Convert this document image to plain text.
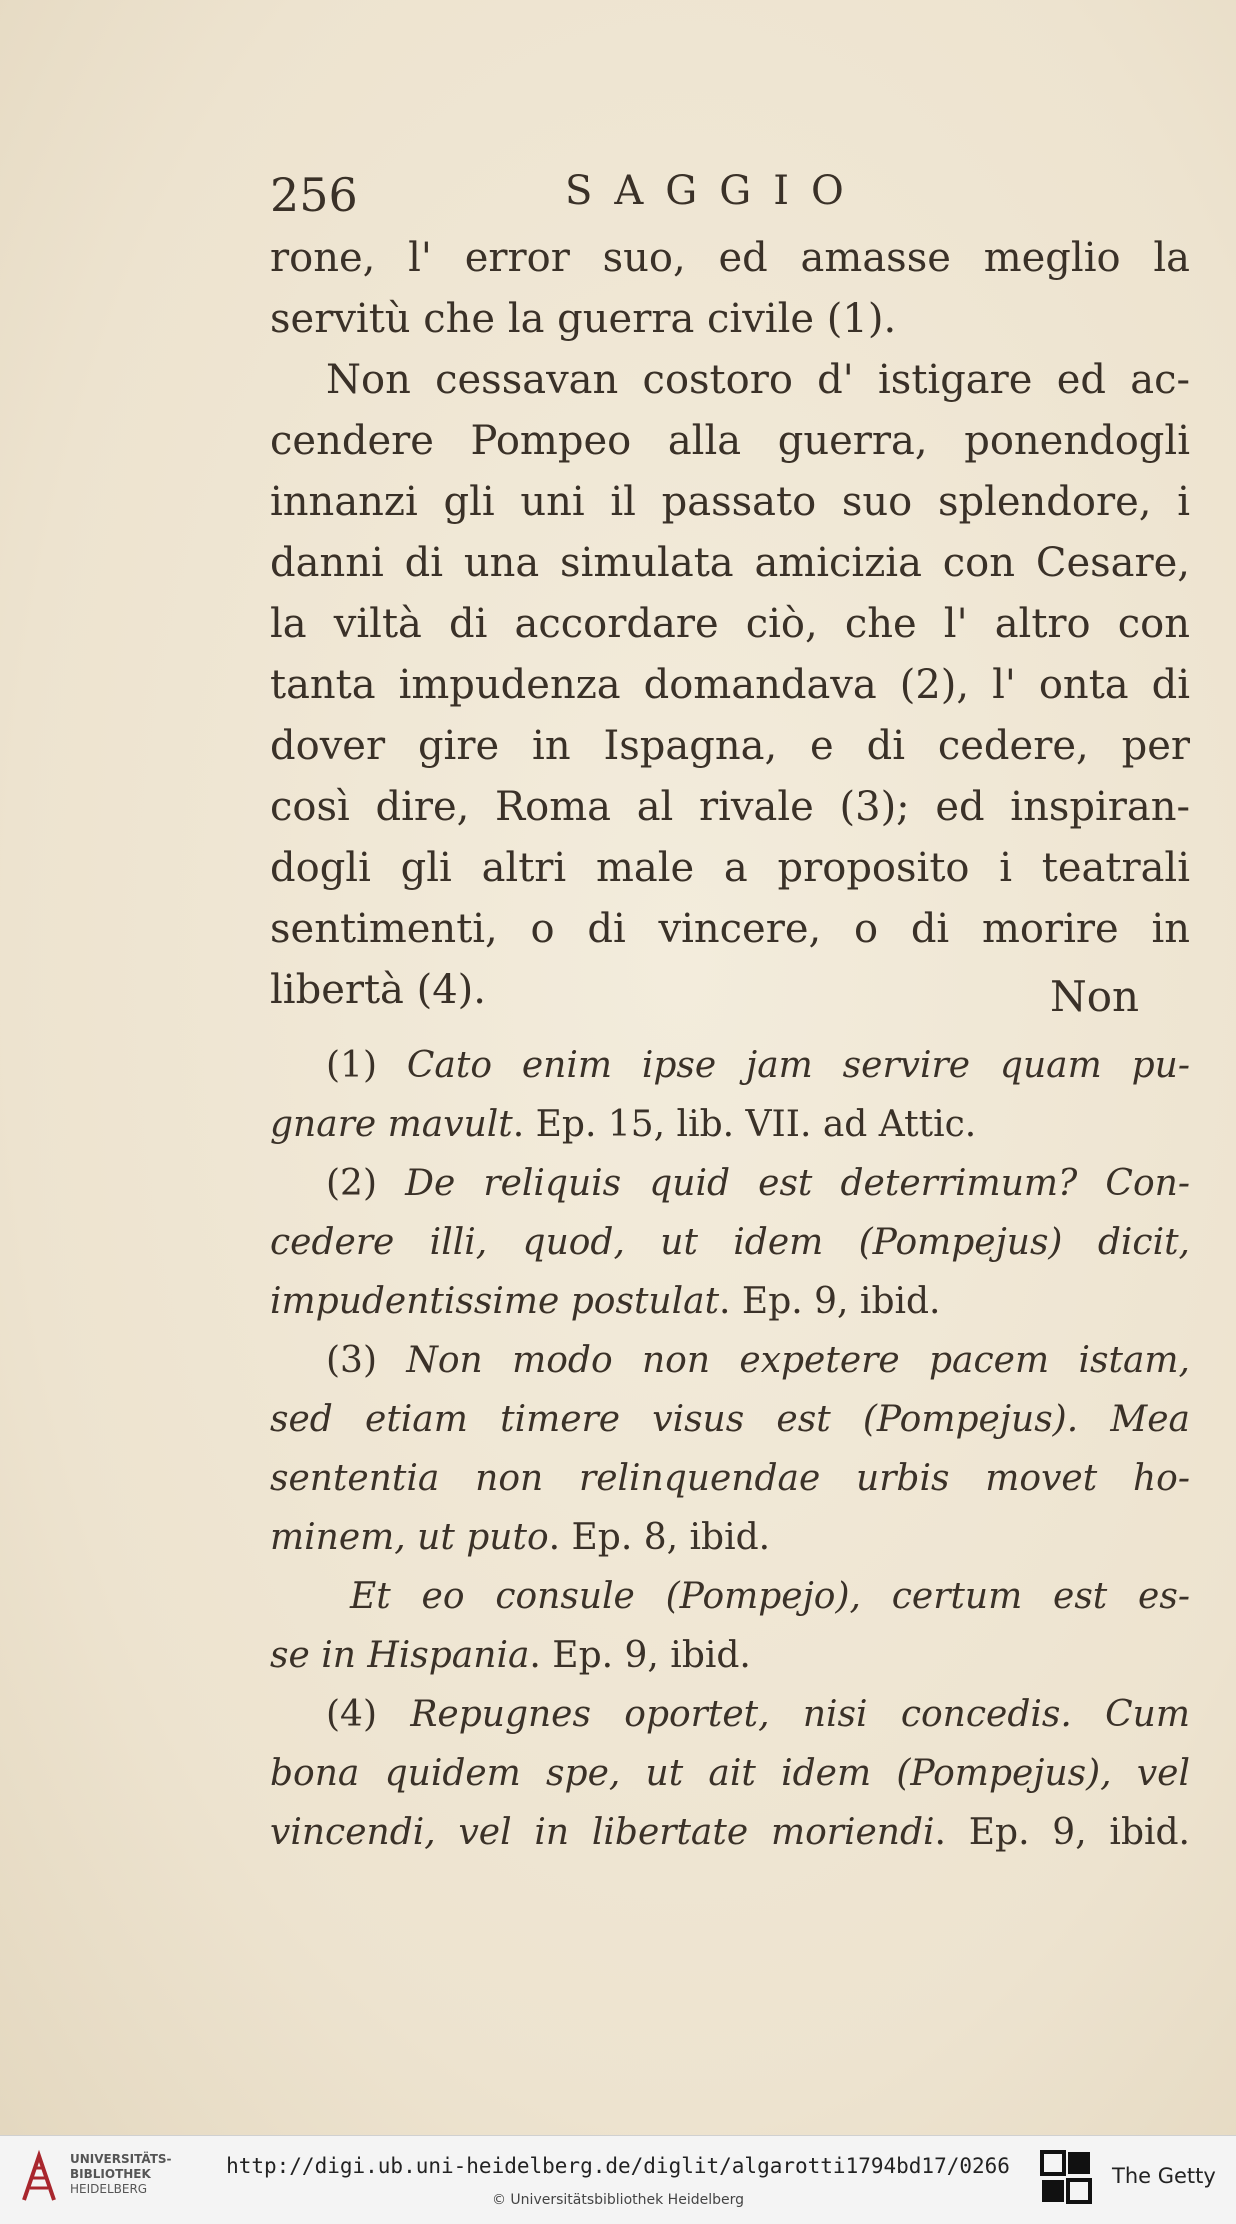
256	SAGGIO
rone, l' error suo, ed amasse meglio la
servitù che la guerra civile (1).
Non cessavan costoro d' istigare ed ac-
cendere Pompeo alla guerra, ponendogli
innanzi gli uni il passato suo splendore, i
danni di una simulata amicizia con Cesare,
la viltà di accordare ciò, che l' altro con
tanta impudenza domandava (2), l' onta di
dover gire in Ispagna, e di cedere, per
così dire, Roma al rivale (3); ed inspiran-
dogli gli altri male a proposito i teatrali
sentimenti, o di vincere, o di morire in
libertà (4).	Non
(1) Cato enim ipse jam servire quam pu-
gnare mavult. Ep. 15, lib. VII. ad Attic.
(2) De reliquis quid est deterrimum? Con-
cedere illi, quod, ut idem (Pompejus) dicit,
impudentissime postulat. Ep. 9, ibid.
(3) Non modo non expetere pacem istam,
sed etiam timere visus est (Pompejus). Mea
sententia non relinquendae urbis movet ho-
minem, ut puto. Ep. 8, ibid.
Et eo consule (Pompejo), certum est es-
se in Hispania. Ep. 9, ibid.
(4) Repugnes oportet, nisi concedis. Cum
bona quidem spe, ut ait idem (Pompejus), vel
vincendi, vel in libertate moriendi. Ep. 9, ibid.
UNIVERSITÄTS-
BIBLIOTHEK
HEIDELBERG
http://digi.ub.uni-heidelberg.de/diglit/algarotti1794bd17/0266
© Universitätsbibliothek Heidelberg
The Getty
